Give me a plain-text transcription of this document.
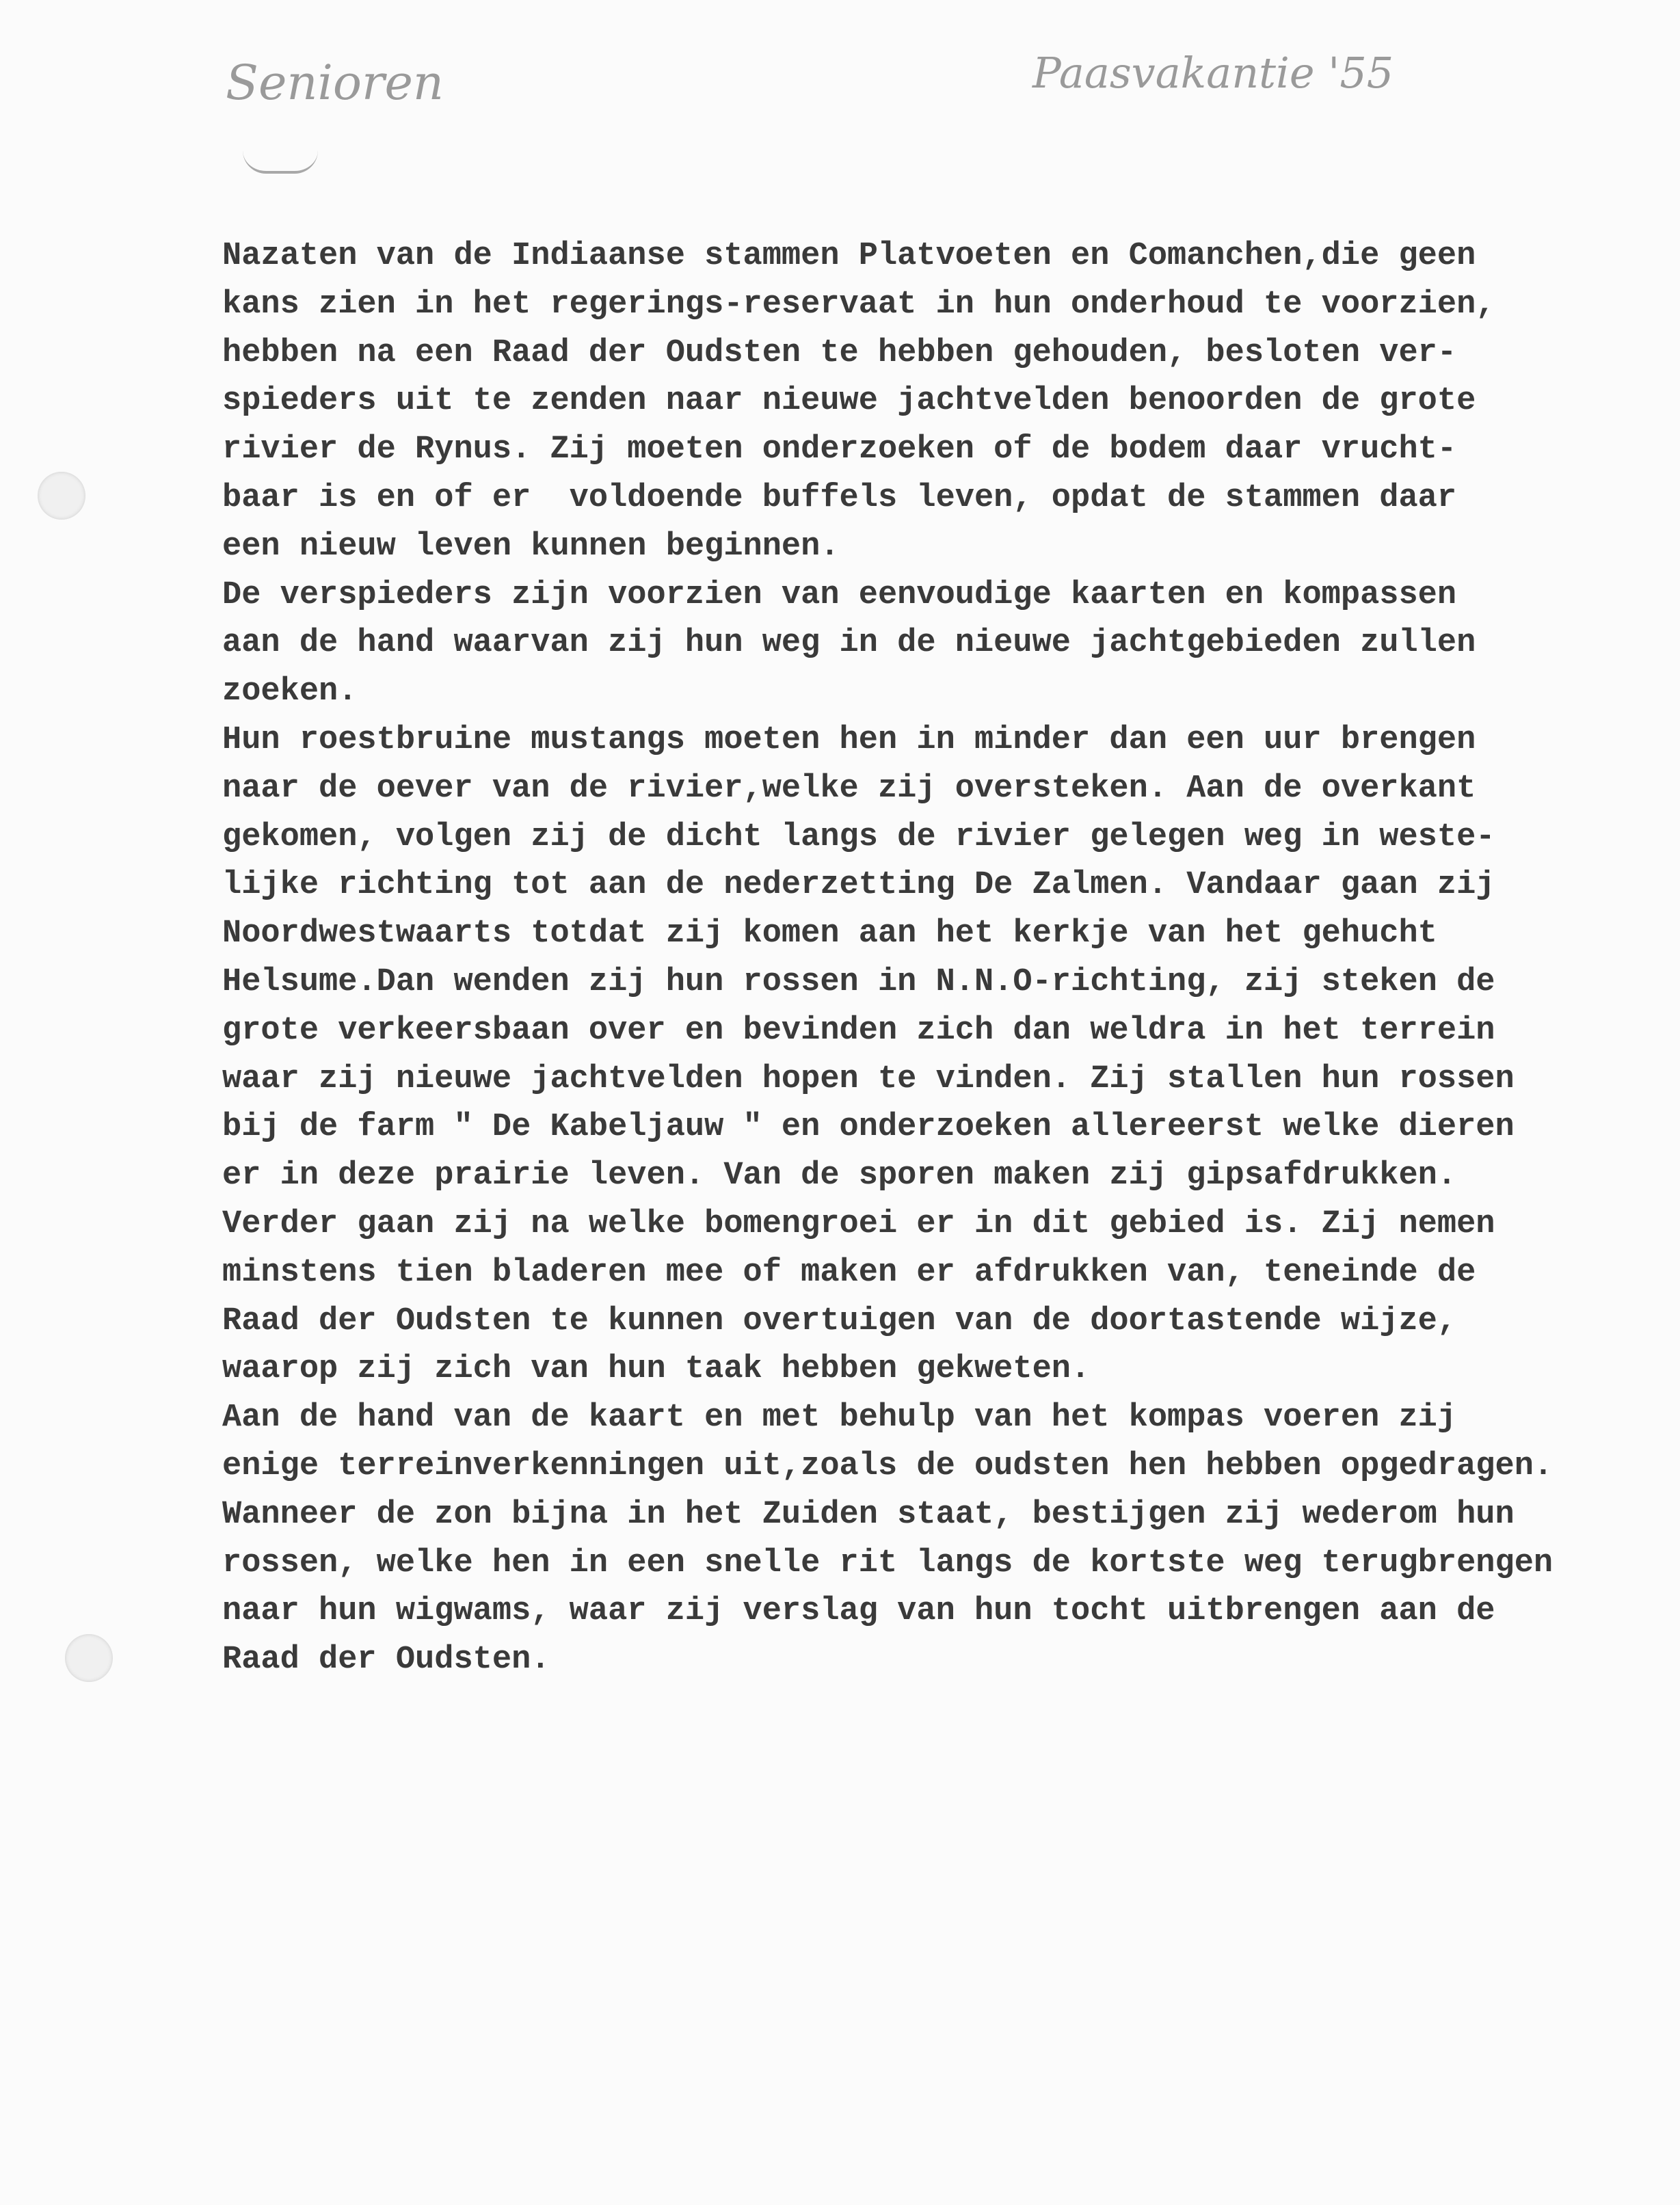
Senioren	Paasvakantie '55
Nazaten van de Indiaanse stammen Platvoeten en Comanchen,die geen
kans zien in het regerings-reservaat in hun onderhoud te voorzien,
hebben na een Raad der Oudsten te hebben gehouden, besloten ver-
spieders uit te zenden naar nieuwe jachtvelden benoorden de grote
rivier de Rynus. Zij moeten onderzoeken of de bodem daar vrucht-
baar is en of er  voldoende buffels leven, opdat de stammen daar
een nieuw leven kunnen beginnen.
De verspieders zijn voorzien van eenvoudige kaarten en kompassen
aan de hand waarvan zij hun weg in de nieuwe jachtgebieden zullen
zoeken.
Hun roestbruine mustangs moeten hen in minder dan een uur brengen
naar de oever van de rivier,welke zij oversteken. Aan de overkant
gekomen, volgen zij de dicht langs de rivier gelegen weg in weste-
lijke richting tot aan de nederzetting De Zalmen. Vandaar gaan zij
Noordwestwaarts totdat zij komen aan het kerkje van het gehucht
Helsume.Dan wenden zij hun rossen in N.N.O-richting, zij steken de
grote verkeersbaan over en bevinden zich dan weldra in het terrein
waar zij nieuwe jachtvelden hopen te vinden. Zij stallen hun rossen
bij de farm " De Kabeljauw " en onderzoeken allereerst welke dieren
er in deze prairie leven. Van de sporen maken zij gipsafdrukken.
Verder gaan zij na welke bomengroei er in dit gebied is. Zij nemen
minstens tien bladeren mee of maken er afdrukken van, teneinde de
Raad der Oudsten te kunnen overtuigen van de doortastende wijze,
waarop zij zich van hun taak hebben gekweten.
Aan de hand van de kaart en met behulp van het kompas voeren zij
enige terreinverkenningen uit,zoals de oudsten hen hebben opgedragen.
Wanneer de zon bijna in het Zuiden staat, bestijgen zij wederom hun
rossen, welke hen in een snelle rit langs de kortste weg terugbrengen
naar hun wigwams, waar zij verslag van hun tocht uitbrengen aan de
Raad der Oudsten.
